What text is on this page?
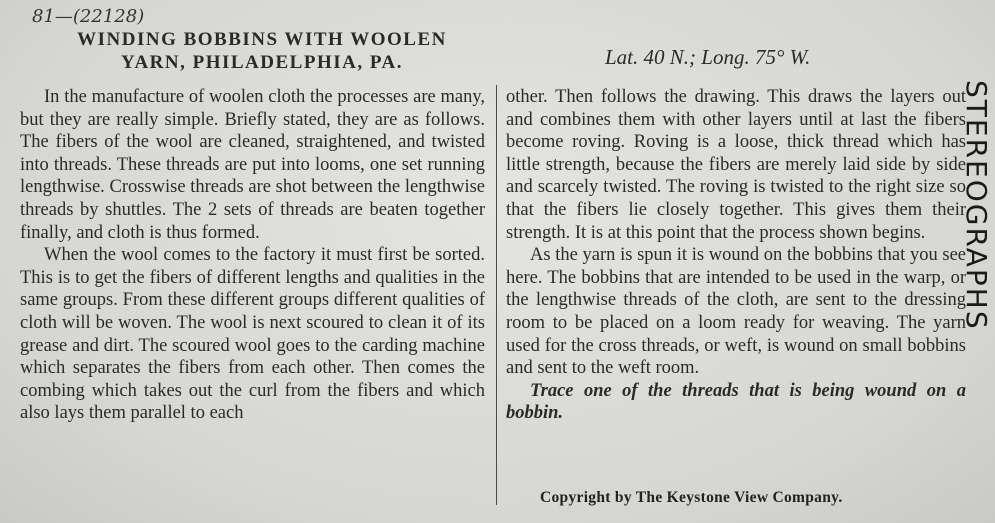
81—(22128)
WINDING BOBBINS WITH WOOLEN
YARN, PHILADELPHIA, PA.	Lat. 40 N.; Long. 75° W.

In the manufacture of woolen cloth the processes are many, but they are really simple. Briefly stated, they are as follows. The fibers of the wool are cleaned, straightened, and twisted into threads. These threads are put into looms, one set running lengthwise. Crosswise threads are shot between the lengthwise threads by shuttles. The 2 sets of threads are beaten together finally, and cloth is thus formed.

When the wool comes to the factory it must first be sorted. This is to get the fibers of different lengths and qualities in the same groups. From these different groups different qualities of cloth will be woven. The wool is next scoured to clean it of its grease and dirt. The scoured wool goes to the carding machine which separates the fibers from each other. Then comes the combing which takes out the curl from the fibers and which also lays them parallel to each

other. Then follows the drawing. This draws the layers out and combines them with other layers until at last the fibers become roving. Roving is a loose, thick thread which has little strength, because the fibers are merely laid side by side and scarcely twisted. The roving is twisted to the right size so that the fibers lie closely together. This gives them their strength. It is at this point that the process shown begins.

As the yarn is spun it is wound on the bobbins that you see here. The bobbins that are intended to be used in the warp, or the lengthwise threads of the cloth, are sent to the dressing room to be placed on a loom ready for weaving. The yarn used for the cross threads, or weft, is wound on small bobbins and sent to the weft room.

Trace one of the threads that is being wound on a bobbin.

Copyright by The Keystone View Company.
STEREOGRAPHS
